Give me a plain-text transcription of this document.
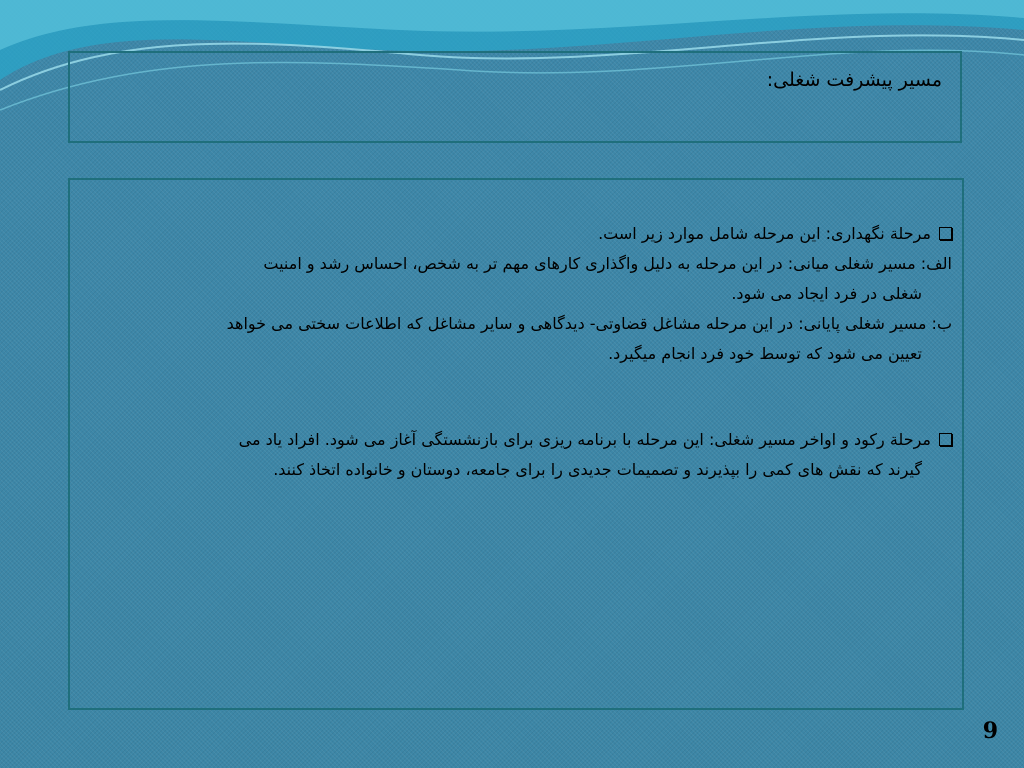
مسیر پیشرفت شغلی:

مرحلة نگهداری: این مرحله شامل موارد زیر است.

الف: مسیر شغلی میانی: در این مرحله به دلیل واگذاری کارهای مهم تر به شخص، احساس رشد و امنیت

شغلی در فرد ایجاد می شود.

ب: مسیر شغلی پایانی: در این مرحله مشاغل قضاوتی- دیدگاهی و سایر مشاغل که اطلاعات سختی می خواهد

تعیین می شود که توسط خود فرد انجام میگیرد.

مرحلة رکود و اواخر مسیر شغلی: این مرحله با برنامه ریزی برای بازنشستگی آغاز می شود. افراد یاد می

گیرند که نقش های کمی را بپذیرند و تصمیمات جدیدی را برای جامعه، دوستان و خانواده اتخاذ کنند.

9
